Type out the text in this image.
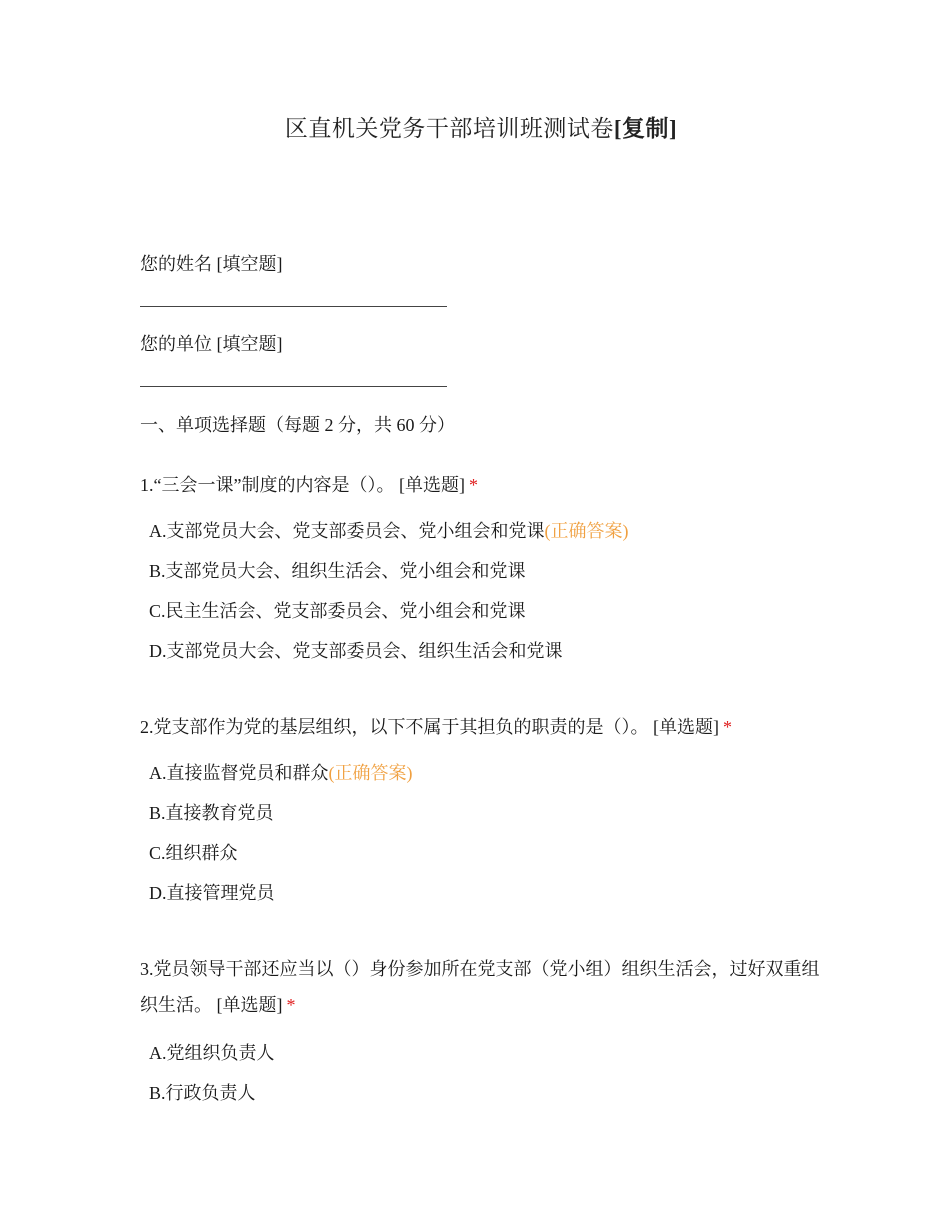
区直机关党务干部培训班测试卷[复制]
您的姓名 [填空题]
您的单位 [填空题]
一、单项选择题（每题 2 分，共 60 分）
1.“三会一课”制度的内容是（）。 [单选题] *
A.支部党员大会、党支部委员会、党小组会和党课(正确答案)
B.支部党员大会、组织生活会、党小组会和党课
C.民主生活会、党支部委员会、党小组会和党课
D.支部党员大会、党支部委员会、组织生活会和党课
2.党支部作为党的基层组织，以下不属于其担负的职责的是（）。 [单选题] *
A.直接监督党员和群众(正确答案)
B.直接教育党员
C.组织群众
D.直接管理党员
3.党员领导干部还应当以（）身份参加所在党支部（党小组）组织生活会，过好双重组织生活。 [单选题] *
A.党组织负责人
B.行政负责人
